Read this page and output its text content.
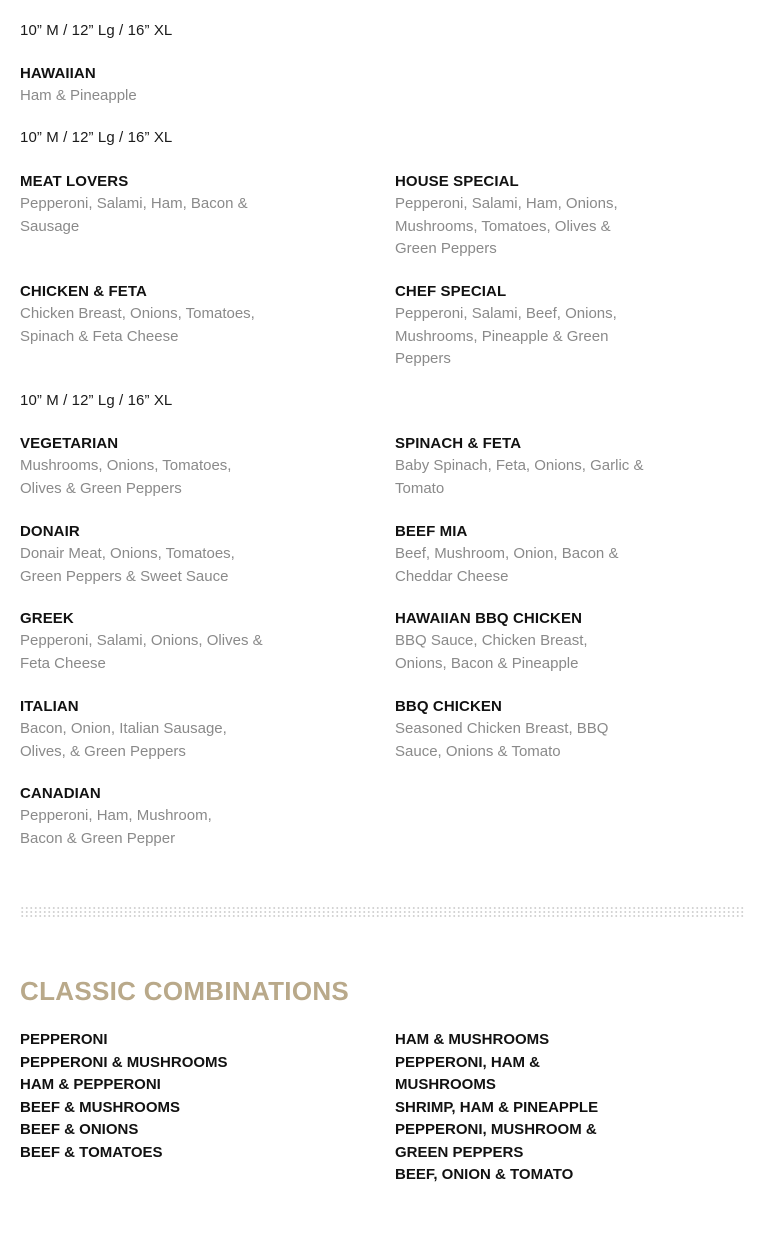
10” M / 12” Lg / 16” XL
HAWAIIAN
Ham & Pineapple
10” M / 12” Lg / 16” XL
MEAT LOVERS
Pepperoni, Salami, Ham, Bacon & Sausage
HOUSE SPECIAL
Pepperoni, Salami, Ham, Onions, Mushrooms, Tomatoes, Olives & Green Peppers
CHICKEN & FETA
Chicken Breast, Onions, Tomatoes, Spinach & Feta Cheese
CHEF SPECIAL
Pepperoni, Salami, Beef, Onions, Mushrooms, Pineapple & Green Peppers
10” M / 12” Lg / 16” XL
VEGETARIAN
Mushrooms, Onions, Tomatoes, Olives & Green Peppers
SPINACH & FETA
Baby Spinach, Feta, Onions, Garlic & Tomato
DONAIR
Donair Meat, Onions, Tomatoes, Green Peppers & Sweet Sauce
BEEF MIA
Beef, Mushroom, Onion, Bacon & Cheddar Cheese
GREEK
Pepperoni, Salami, Onions, Olives & Feta Cheese
HAWAIIAN BBQ CHICKEN
BBQ Sauce, Chicken Breast, Onions, Bacon & Pineapple
ITALIAN
Bacon, Onion, Italian Sausage, Olives, & Green Peppers
BBQ CHICKEN
Seasoned Chicken Breast, BBQ Sauce, Onions & Tomato
CANADIAN
Pepperoni, Ham, Mushroom, Bacon & Green Pepper
CLASSIC COMBINATIONS
PEPPERONI
PEPPERONI & MUSHROOMS
HAM & PEPPERONI
BEEF & MUSHROOMS
BEEF & ONIONS
BEEF & TOMATOES
HAM & MUSHROOMS
PEPPERONI, HAM & MUSHROOMS
SHRIMP, HAM & PINEAPPLE
PEPPERONI, MUSHROOM & GREEN PEPPERS
BEEF, ONION & TOMATO
